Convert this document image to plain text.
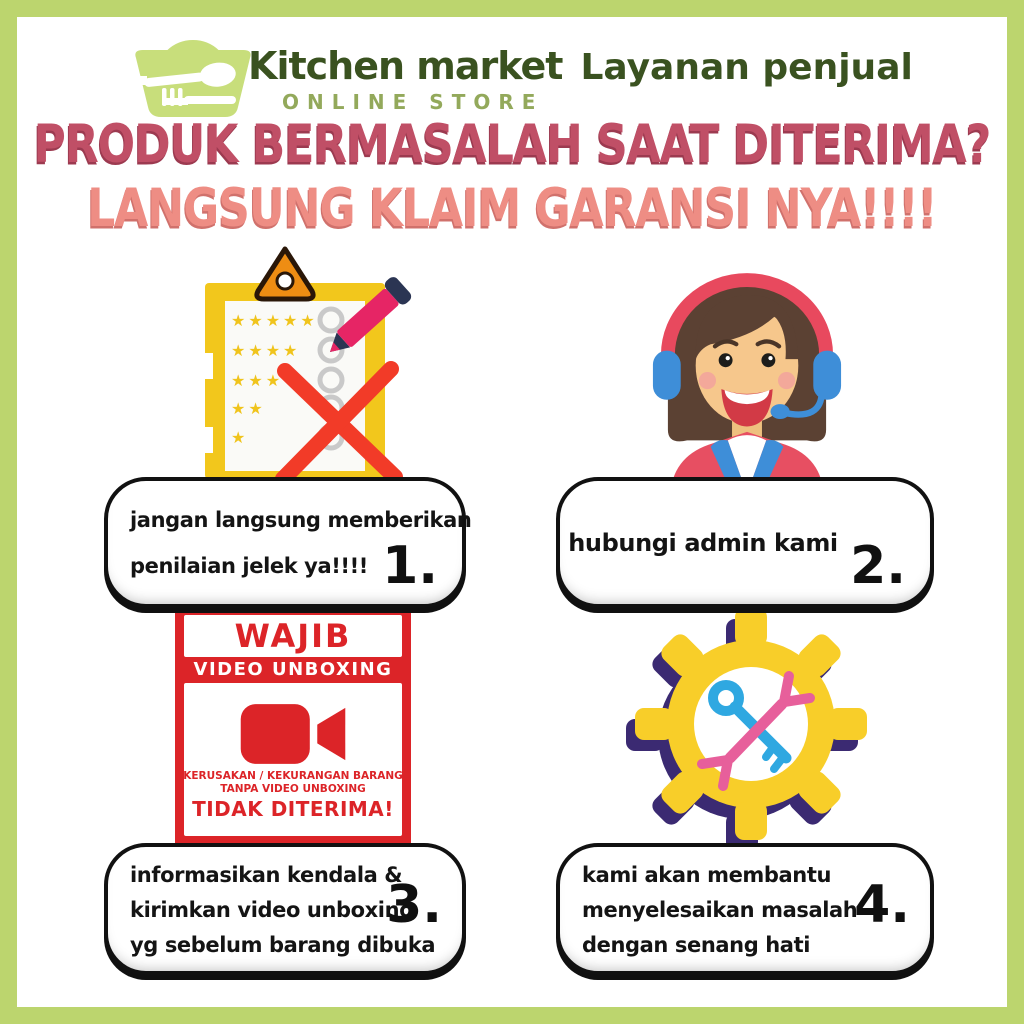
Kitchen market Layanan penjual
ONLINE STORE
PRODUK BERMASALAH SAAT DITERIMA?
LANGSUNG KLAIM GARANSI NYA!!!!
★★★★★
★★★★
★★★
★★
★
WAJIB
VIDEO UNBOXING
KERUSAKAN / KEKURANGAN BARANG
TANPA VIDEO UNBOXING
TIDAK DITERIMA!
jangan langsung memberikan
penilaian jelek ya!!!! 1.	hubungi admin kami 2.
informasikan kendala &
kirimkan video unboxing
yg sebelum barang dibuka
3.	kami akan membantu
menyelesaikan masalah
dengan senang hati
4.
